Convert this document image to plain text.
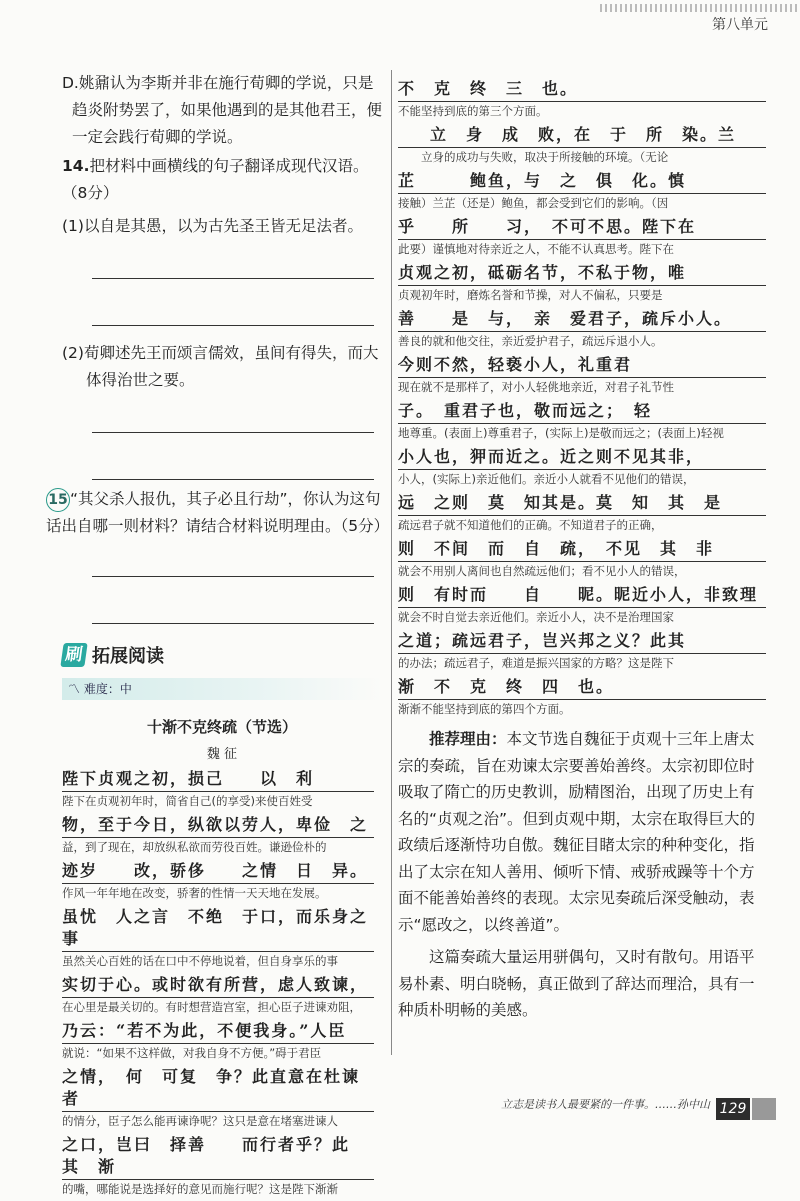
第八单元
D.姚鼐认为李斯并非在施行荀卿的学说，只是趋炎附势罢了，如果他遇到的是其他君王，便一定会践行荀卿的学说。
14.把材料中画横线的句子翻译成现代汉语。（8分）
(1)以自是其愚，以为古先圣王皆无足法者。
(2)荀卿述先王而颂言儒效，虽间有得失，而大体得治世之要。
15 “其父杀人报仇，其子必且行劫”，你认为这句话出自哪一则材料？请结合材料说明理由。（5分）
刷 拓展阅读
〽 难度：中
十渐不克终疏（节选）
魏 征
陛下贞观之初，损己　　以　利
陛下在贞观初年时，简省自己(的享受)来使百姓受
物，至于今日，纵欲以劳人，卑俭　之
益，到了现在，却放纵私欲而劳役百姓。谦逊俭朴的
迹岁　　改，骄侈　　之情　日　异。
作风一年年地在改变，骄奢的性情一天天地在发展。
虽忧　人之言　不绝　于口，而乐身之事
虽然关心百姓的话在口中不停地说着，但自身享乐的事
实切于心。或时欲有所营，虑人致谏，
在心里是最关切的。有时想营造宫室，担心臣子进谏劝阻，
乃云：“若不为此，不便我身。”人臣
就说：“如果不这样做，对我自身不方便。”碍于君臣
之情，　何　可复　争？此直意在杜谏者
的情分，臣子怎么能再谏诤呢？这只是意在堵塞进谏人
之口，岂曰　择善　　而行者乎？此　其　渐
的嘴，哪能说是选择好的意见而施行呢？这是陛下渐渐
不　克　终　三　也。
不能坚持到底的第三个方面。
立　身　成　败，在　于　所　染。兰
立身的成功与失败，取决于所接触的环境。（无论
芷　　　鲍鱼，与　之　俱　化。慎
接触）兰芷（还是）鲍鱼，都会受到它们的影响。（因
乎　　所　　习，　不可不思。陛下在
此要）谨慎地对待亲近之人，不能不认真思考。陛下在
贞观之初，砥砺名节，不私于物，唯
贞观初年时，磨炼名誉和节操，对人不偏私，只要是
善　　是　与，　亲　爱君子，疏斥小人。
善良的就和他交往，亲近爱护君子，疏远斥退小人。
今则不然，轻亵小人，礼重君
现在就不是那样了，对小人轻佻地亲近，对君子礼节性
子。　重君子也，敬而远之；　轻
地尊重。(表面上)尊重君子，(实际上)是敬而远之；(表面上)轻视
小人也，狎而近之。近之则不见其非，
小人，(实际上)亲近他们。亲近小人就看不见他们的错误，
远　之则　莫　知其是。莫　知　其　是
疏远君子就不知道他们的正确。不知道君子的正确，
则　不间　而　自　疏，　不见　其　非
就会不用别人离间也自然疏远他们；看不见小人的错误，
则　有时而　　自　　昵。昵近小人，非致理
就会不时自觉去亲近他们。亲近小人，决不是治理国家
之道；疏远君子，岂兴邦之义？此其
的办法；疏远君子，难道是振兴国家的方略？这是陛下
渐　不　克　终　四　也。
渐渐不能坚持到底的第四个方面。
推荐理由：本文节选自魏征于贞观十三年上唐太宗的奏疏，旨在劝谏太宗要善始善终。太宗初即位时吸取了隋亡的历史教训，励精图治，出现了历史上有名的“贞观之治”。但到贞观中期，太宗在取得巨大的政绩后逐渐恃功自傲。魏征目睹太宗的种种变化，指出了太宗在知人善用、倾听下情、戒骄戒躁等十个方面不能善始善终的表现。太宗见奏疏后深受触动，表示“愿改之，以终善道”。
这篇奏疏大量运用骈偶句，又时有散句。用语平易朴素、明白晓畅，真正做到了辞达而理洽，具有一种质朴明畅的美感。
立志是读书人最要紧的一件事。……孙中山 129
